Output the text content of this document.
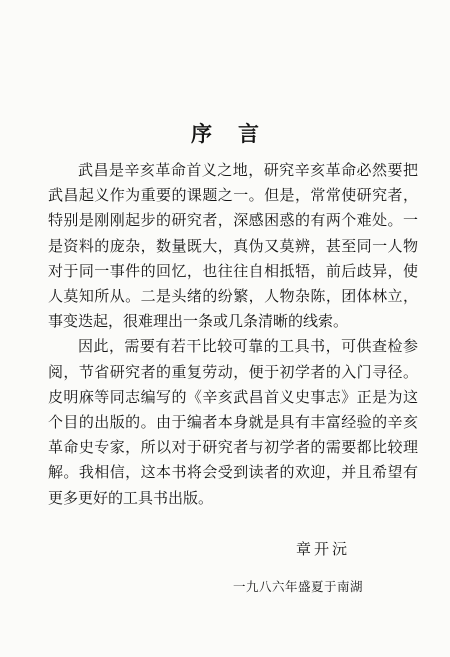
序言

武昌是辛亥革命首义之地，研究辛亥革命必然要把武昌起义作为重要的课题之一。但是，常常使研究者，特别是刚刚起步的研究者，深感困惑的有两个难处。一是资料的庞杂，数量既大，真伪又莫辨，甚至同一人物对于同一事件的回忆，也往往自相抵牾，前后歧异，使人莫知所从。二是头绪的纷繁，人物杂陈，团体林立，事变迭起，很难理出一条或几条清晰的线索。

因此，需要有若干比较可靠的工具书，可供查检参阅，节省研究者的重复劳动，便于初学者的入门寻径。皮明庥等同志编写的《辛亥武昌首义史事志》正是为这个目的出版的。由于编者本身就是具有丰富经验的辛亥革命史专家，所以对于研究者与初学者的需要都比较理解。我相信，这本书将会受到读者的欢迎，并且希望有更多更好的工具书出版。

章开沅
一九八六年盛夏于南湖
